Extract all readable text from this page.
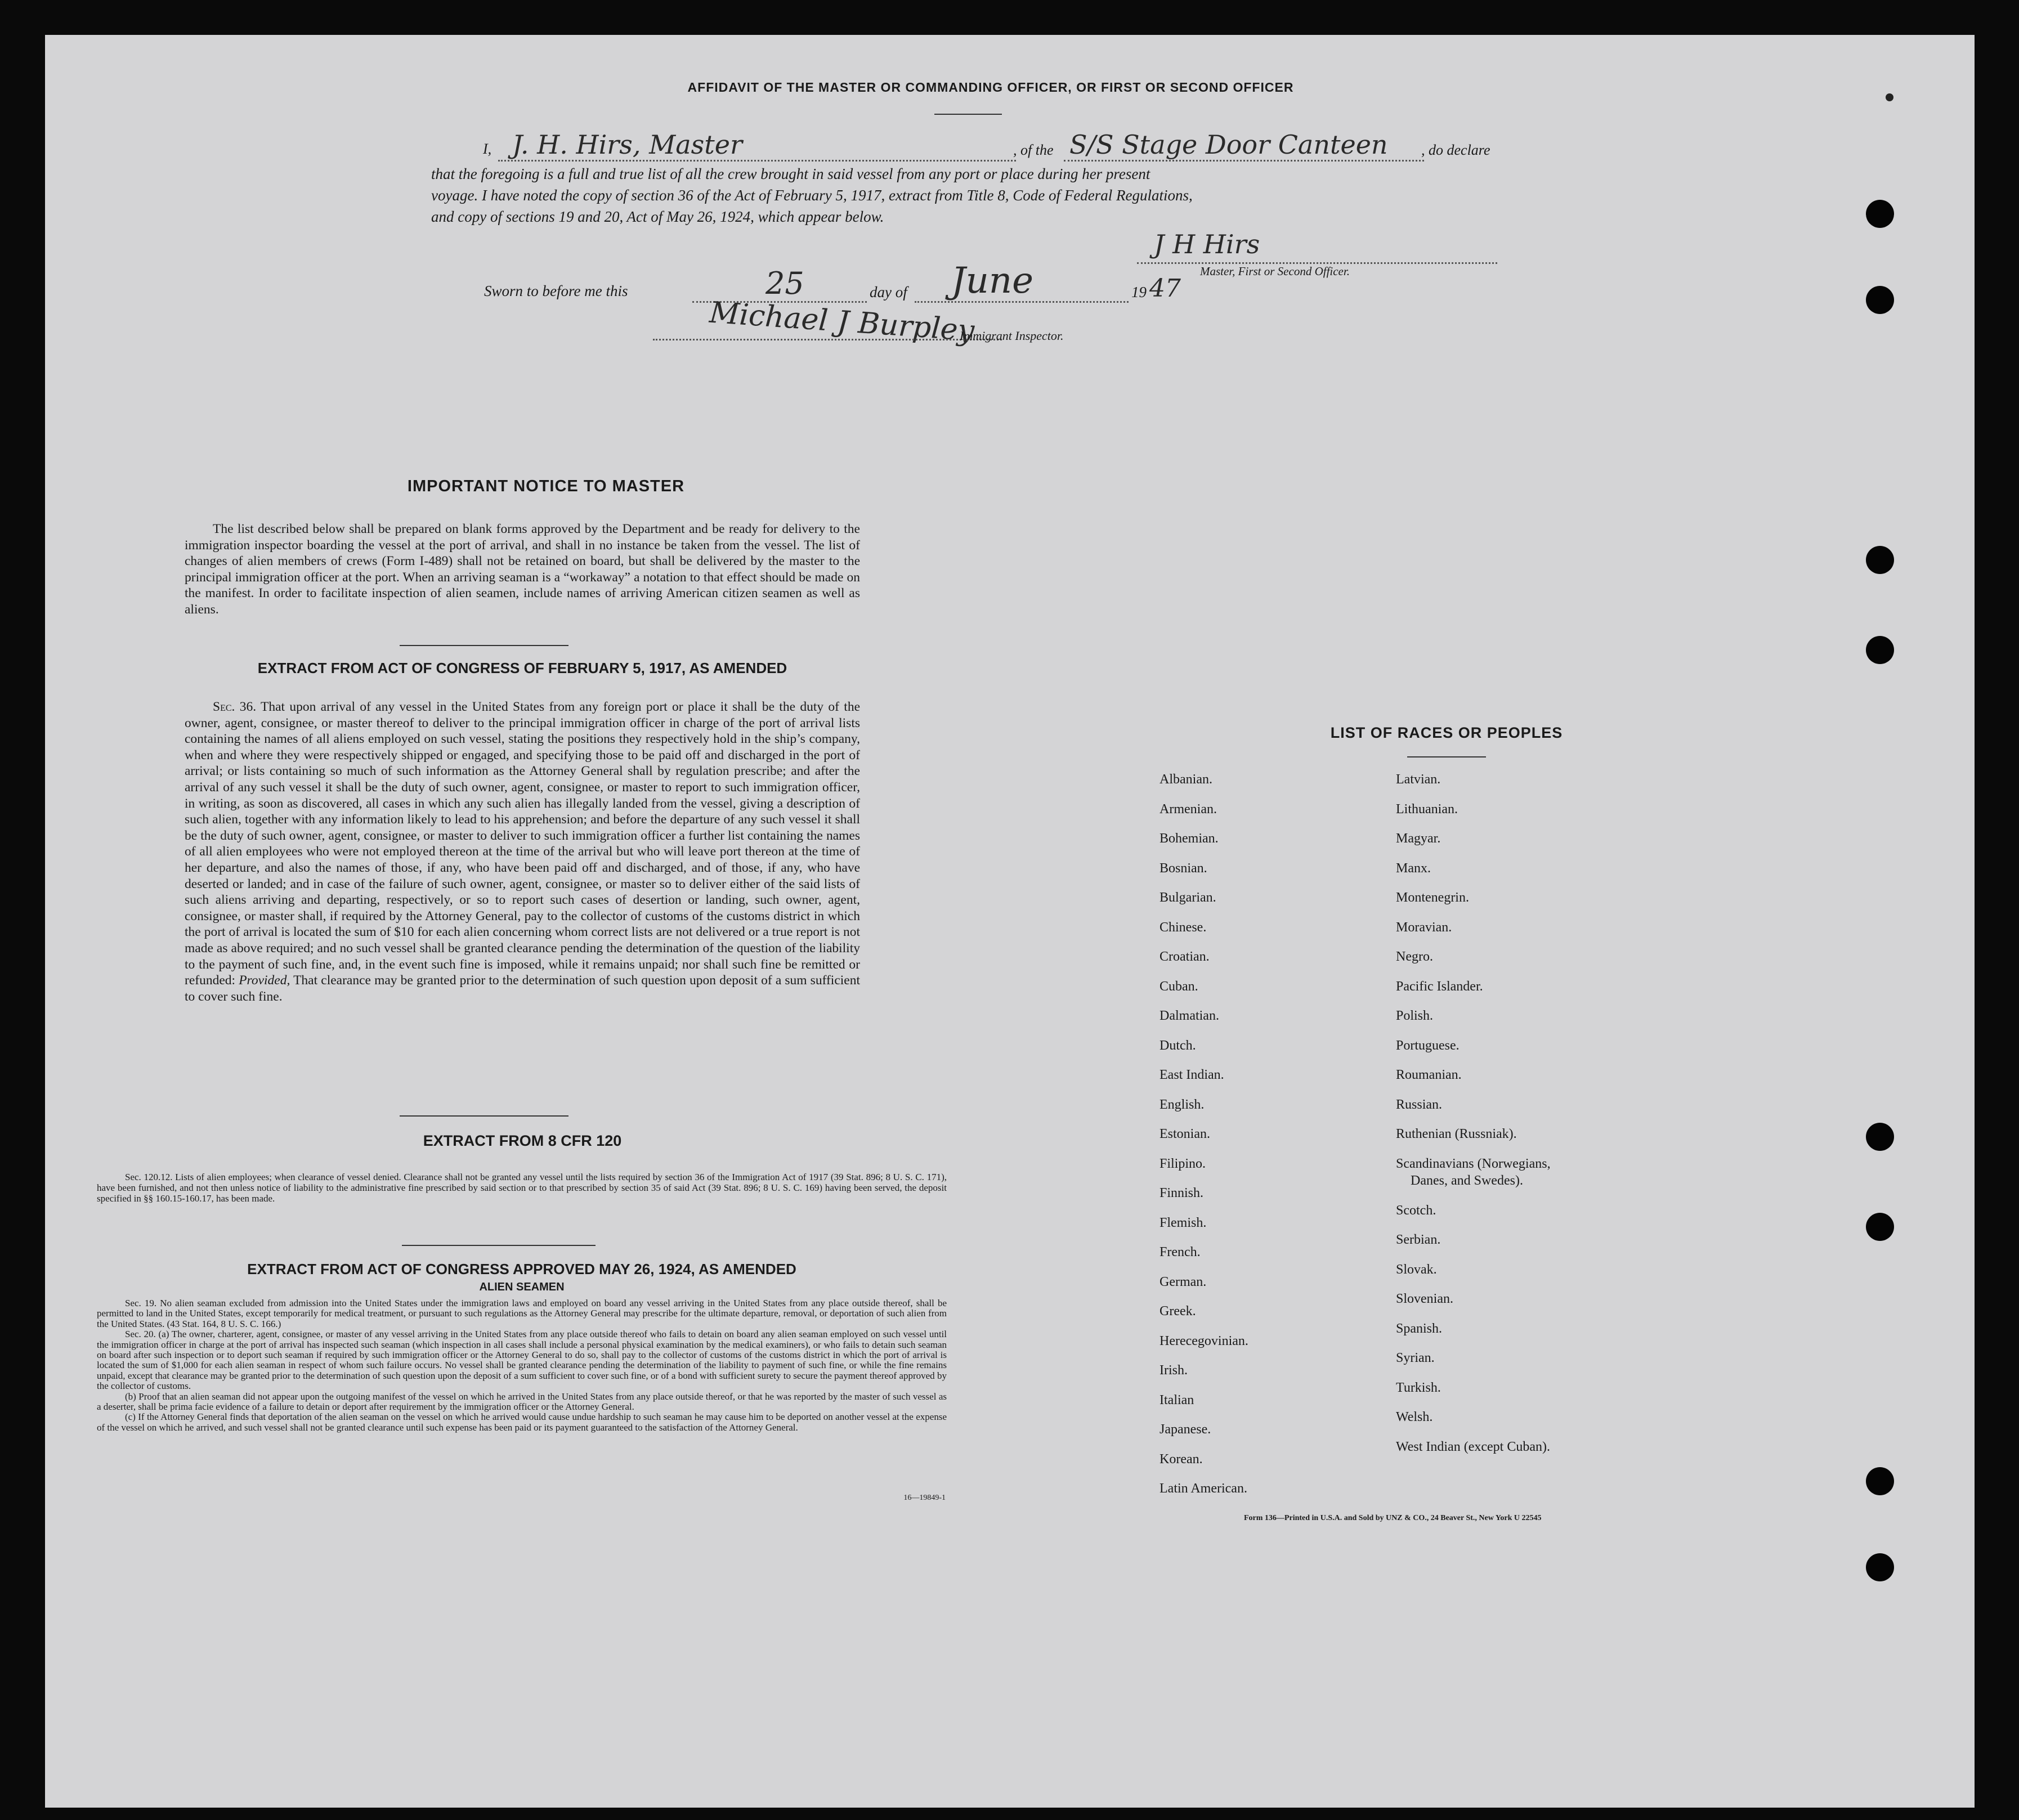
AFFIDAVIT OF THE MASTER OR COMMANDING OFFICER, OR FIRST OR SECOND OFFICER
I, J. H. Hirs, Master	, of the S/S Stage Door Canteen , do declare
that the foregoing is a full and true list of all the crew brought in said vessel from any port or place during her present
voyage. I have noted the copy of section 36 of the Act of February 5, 1917, extract from Title 8, Code of Federal Regulations,
and copy of sections 19 and 20, Act of May 26, 1924, which appear below.
J H Hirs
Master, First or Second Officer.
Sworn to before me this	25	day of June	19 47
Michael J Burpley
Immigrant Inspector.
IMPORTANT NOTICE TO MASTER
The list described below shall be prepared on blank forms approved by the Department and be ready for delivery to the immigration inspector boarding the vessel at the port of arrival, and shall in no instance be taken from the vessel. The list of changes of alien members of crews (Form I-489) shall not be retained on board, but shall be delivered by the master to the principal immigration officer at the port. When an arriving seaman is a “workaway” a notation to that effect should be made on the manifest. In order to facilitate inspection of alien seamen, include names of arriving American citizen seamen as well as aliens.
EXTRACT FROM ACT OF CONGRESS OF FEBRUARY 5, 1917, AS AMENDED
Sec. 36. That upon arrival of any vessel in the United States from any foreign port or place it shall be the duty of the owner, agent, consignee, or master thereof to deliver to the principal immigration officer in charge of the port of arrival lists containing the names of all aliens employed on such vessel, stating the positions they respectively hold in the ship’s company, when and where they were respectively shipped or engaged, and specifying those to be paid off and discharged in the port of arrival; or lists containing so much of such information as the Attorney General shall by regulation prescribe; and after the arrival of any such vessel it shall be the duty of such owner, agent, consignee, or master to report to such immigration officer, in writing, as soon as discovered, all cases in which any such alien has illegally landed from the vessel, giving a description of such alien, together with any information likely to lead to his apprehension; and before the departure of any such vessel it shall be the duty of such owner, agent, consignee, or master to deliver to such immigration officer a further list containing the names of all alien employees who were not employed thereon at the time of the arrival but who will leave port thereon at the time of her departure, and also the names of those, if any, who have been paid off and discharged, and of those, if any, who have deserted or landed; and in case of the failure of such owner, agent, consignee, or master so to deliver either of the said lists of such aliens arriving and departing, respectively, or so to report such cases of desertion or landing, such owner, agent, consignee, or master shall, if required by the Attorney General, pay to the collector of customs of the customs district in which the port of arrival is located the sum of $10 for each alien concerning whom correct lists are not delivered or a true report is not made as above required; and no such vessel shall be granted clearance pending the determination of the question of the liability to the payment of such fine, and, in the event such fine is imposed, while it remains unpaid; nor shall such fine be remitted or refunded: Provided, That clearance may be granted prior to the determination of such question upon deposit of a sum sufficient to cover such fine.
EXTRACT FROM 8 CFR 120
Sec. 120.12. Lists of alien employees; when clearance of vessel denied. Clearance shall not be granted any vessel until the lists required by section 36 of the Immigration Act of 1917 (39 Stat. 896; 8 U. S. C. 171), have been furnished, and not then unless notice of liability to the administrative fine prescribed by said section or to that prescribed by section 35 of said Act (39 Stat. 896; 8 U. S. C. 169) having been served, the deposit specified in §§ 160.15-160.17, has been made.
EXTRACT FROM ACT OF CONGRESS APPROVED MAY 26, 1924, AS AMENDED
ALIEN SEAMEN
Sec. 19. No alien seaman excluded from admission into the United States under the immigration laws and employed on board any vessel arriving in the United States from any place outside thereof, shall be permitted to land in the United States, except temporarily for medical treatment, or pursuant to such regulations as the Attorney General may prescribe for the ultimate departure, removal, or deportation of such alien from the United States. (43 Stat. 164, 8 U. S. C. 166.)
Sec. 20. (a) The owner, charterer, agent, consignee, or master of any vessel arriving in the United States from any place outside thereof who fails to detain on board any alien seaman employed on such vessel until the immigration officer in charge at the port of arrival has inspected such seaman (which inspection in all cases shall include a personal physical examination by the medical examiners), or who fails to detain such seaman on board after such inspection or to deport such seaman if required by such immigration officer or the Attorney General to do so, shall pay to the collector of customs of the customs district in which the port of arrival is located the sum of $1,000 for each alien seaman in respect of whom such failure occurs. No vessel shall be granted clearance pending the determination of the liability to payment of such fine, or while the fine remains unpaid, except that clearance may be granted prior to the determination of such question upon the deposit of a sum sufficient to cover such fine, or of a bond with sufficient surety to secure the payment thereof approved by the collector of customs.
(b) Proof that an alien seaman did not appear upon the outgoing manifest of the vessel on which he arrived in the United States from any place outside thereof, or that he was reported by the master of such vessel as a deserter, shall be prima facie evidence of a failure to detain or deport after requirement by the immigration officer or the Attorney General.
(c) If the Attorney General finds that deportation of the alien seaman on the vessel on which he arrived would cause undue hardship to such seaman he may cause him to be deported on another vessel at the expense of the vessel on which he arrived, and such vessel shall not be granted clearance until such expense has been paid or its payment guaranteed to the satisfaction of the Attorney General.
16—19849-1
LIST OF RACES OR PEOPLES
Albanian.
Armenian.
Bohemian.
Bosnian.
Bulgarian.
Chinese.
Croatian.
Cuban.
Dalmatian.
Dutch.
East Indian.
English.
Estonian.
Filipino.
Finnish.
Flemish.
French.
German.
Greek.
Herecegovinian.
Irish.
Italian
Japanese.
Korean.
Latin American.
Latvian.
Lithuanian.
Magyar.
Manx.
Montenegrin.
Moravian.
Negro.
Pacific Islander.
Polish.
Portuguese.
Roumanian.
Russian.
Ruthenian (Russniak).
Scandinavians (Norwegians,
Danes, and Swedes).
Scotch.
Serbian.
Slovak.
Slovenian.
Spanish.
Syrian.
Turkish.
Welsh.
West Indian (except Cuban).
Form 136—Printed in U.S.A. and Sold by UNZ & CO., 24 Beaver St., New York U 22545
